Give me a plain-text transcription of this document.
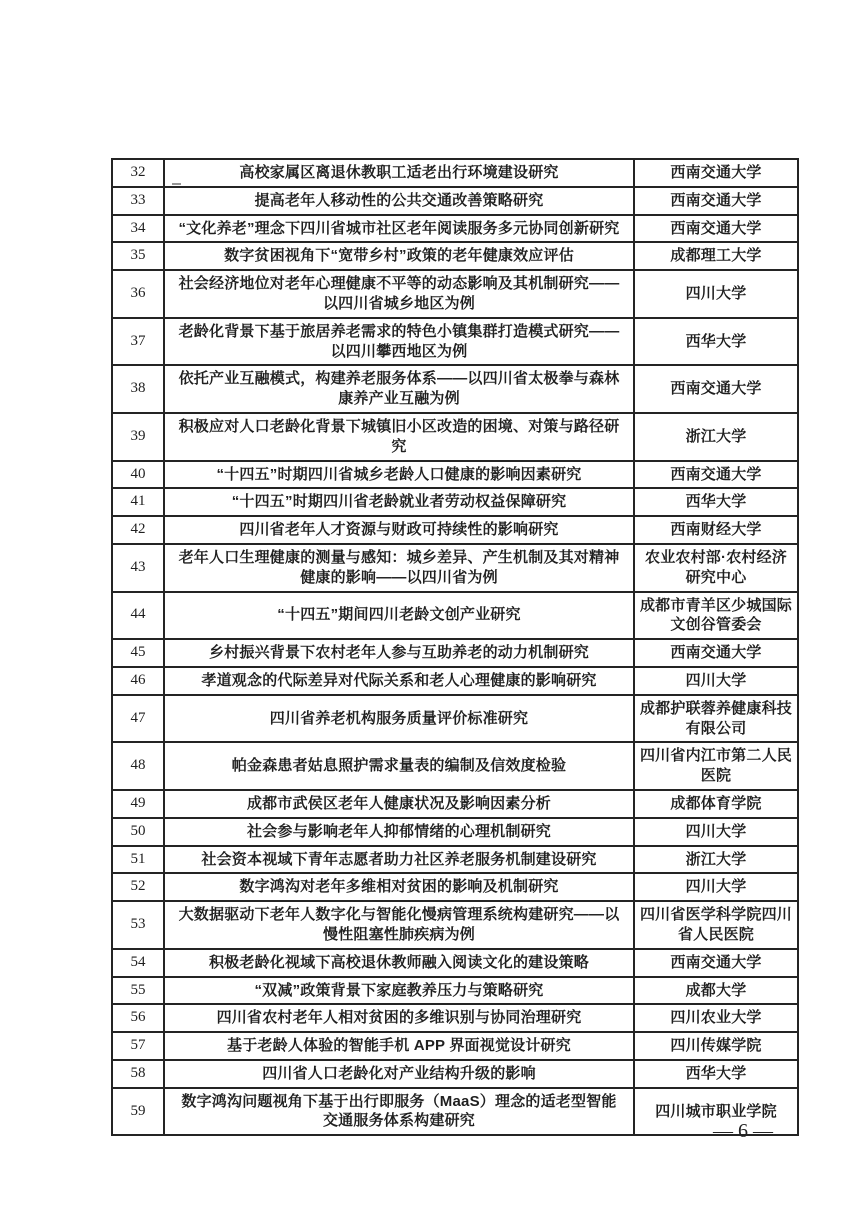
32	高校家属区离退休教职工适老出行环境建设研究	西南交通大学
33	提高老年人移动性的公共交通改善策略研究	西南交通大学
34	“文化养老”理念下四川省城市社区老年阅读服务多元协同创新研究	西南交通大学
35	数字贫困视角下“宽带乡村”政策的老年健康效应评估	成都理工大学
36	社会经济地位对老年心理健康不平等的动态影响及其机制研究——以四川省城乡地区为例	四川大学
37	老龄化背景下基于旅居养老需求的特色小镇集群打造模式研究——以四川攀西地区为例	西华大学
38	依托产业互融模式，构建养老服务体系——以四川省太极拳与森林康养产业互融为例	西南交通大学
39	积极应对人口老龄化背景下城镇旧小区改造的困境、对策与路径研究	浙江大学
40	“十四五”时期四川省城乡老龄人口健康的影响因素研究	西南交通大学
41	“十四五”时期四川省老龄就业者劳动权益保障研究	西华大学
42	四川省老年人才资源与财政可持续性的影响研究	西南财经大学
43	老年人口生理健康的测量与感知：城乡差异、产生机制及其对精神健康的影响——以四川省为例	农业农村部·农村经济研究中心
44	“十四五”期间四川老龄文创产业研究	成都市青羊区少城国际文创谷管委会
45	乡村振兴背景下农村老年人参与互助养老的动力机制研究	西南交通大学
46	孝道观念的代际差异对代际关系和老人心理健康的影响研究	四川大学
47	四川省养老机构服务质量评价标准研究	成都护联蓉养健康科技有限公司
48	帕金森患者姑息照护需求量表的编制及信效度检验	四川省内江市第二人民医院
49	成都市武侯区老年人健康状况及影响因素分析	成都体育学院
50	社会参与影响老年人抑郁情绪的心理机制研究	四川大学
51	社会资本视域下青年志愿者助力社区养老服务机制建设研究	浙江大学
52	数字鸿沟对老年多维相对贫困的影响及机制研究	四川大学
53	大数据驱动下老年人数字化与智能化慢病管理系统构建研究——以慢性阻塞性肺疾病为例	四川省医学科学院四川省人民医院
54	积极老龄化视域下高校退休教师融入阅读文化的建设策略	西南交通大学
55	“双减”政策背景下家庭教养压力与策略研究	成都大学
56	四川省农村老年人相对贫困的多维识别与协同治理研究	四川农业大学
57	基于老龄人体验的智能手机 APP 界面视觉设计研究	四川传媒学院
58	四川省人口老龄化对产业结构升级的影响	西华大学
59	数字鸿沟问题视角下基于出行即服务（MaaS）理念的适老型智能交通服务体系构建研究	四川城市职业学院
— 6 —
